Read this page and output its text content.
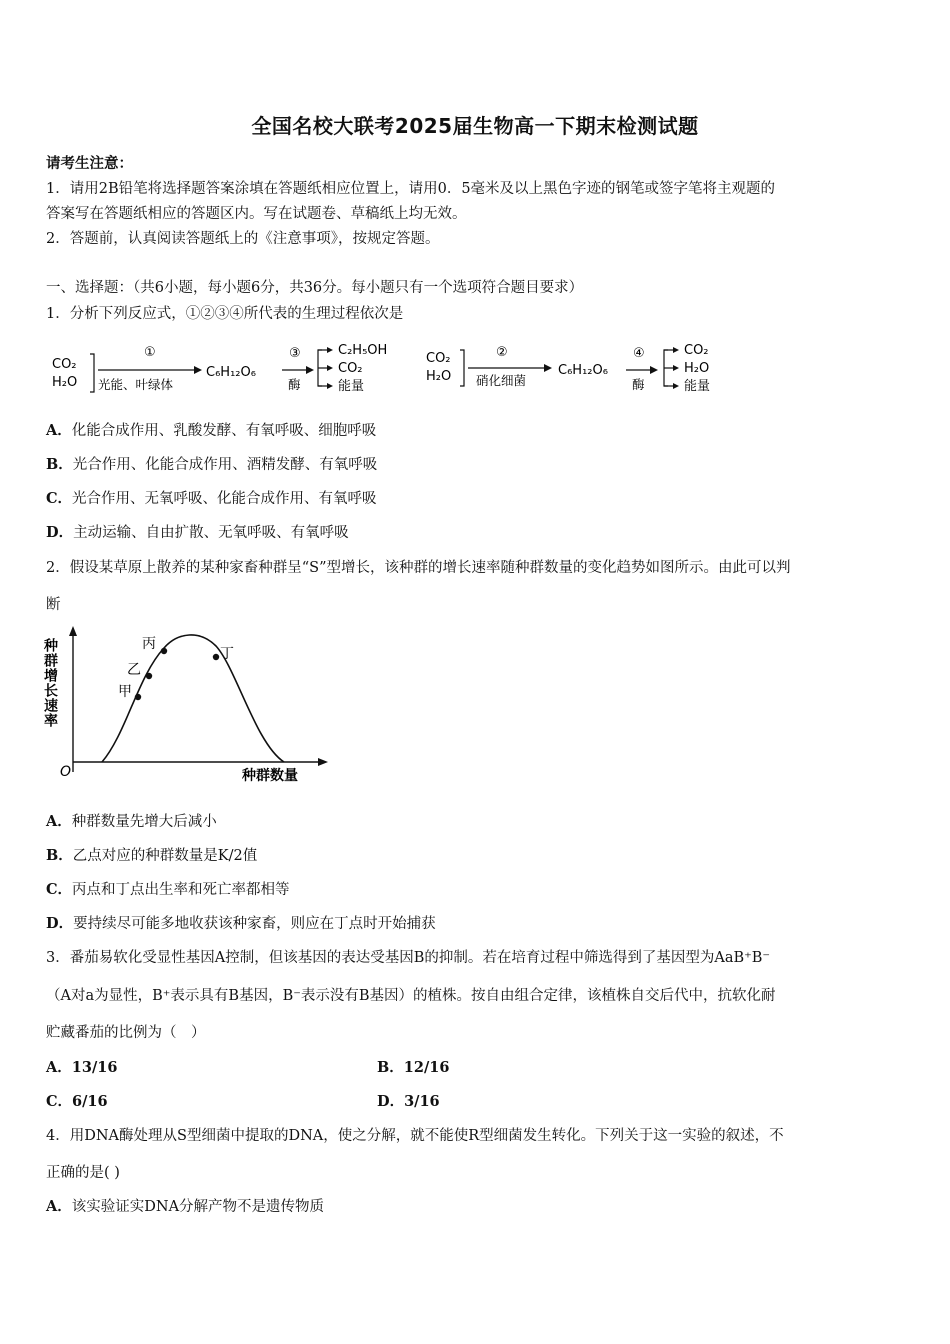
全国名校大联考2025届生物高一下期末检测试题
请考生注意：
1．请用2B铅笔将选择题答案涂填在答题纸相应位置上，请用0．5毫米及以上黑色字迹的钢笔或签字笔将主观题的
答案写在答题纸相应的答题区内。写在试题卷、草稿纸上均无效。
2．答题前，认真阅读答题纸上的《注意事项》，按规定答题。
一、选择题：（共6小题，每小题6分，共36分。每小题只有一个选项符合题目要求）
1．分析下列反应式，①②③④所代表的生理过程依次是
CO₂
H₂O
①
光能、叶绿体
C₆H₁₂O₆
③
酶
C₂H₅OH
CO₂
能量
CO₂
H₂O
②
硝化细菌
C₆H₁₂O₆
④
酶
CO₂
H₂O
能量
A．化能合成作用、乳酸发酵、有氧呼吸、细胞呼吸
B．光合作用、化能合成作用、酒精发酵、有氧呼吸
C．光合作用、无氧呼吸、化能合成作用、有氧呼吸
D．主动运输、自由扩散、无氧呼吸、有氧呼吸
2．假设某草原上散养的某种家畜种群呈“S”型增长，该种群的增长速率随种群数量的变化趋势如图所示。由此可以判
断
甲
乙
丙
丁
O	种群数量
种群增长速率
A．种群数量先增大后减小
B．乙点对应的种群数量是K/2值
C．丙点和丁点出生率和死亡率都相等
D．要持续尽可能多地收获该种家畜，则应在丁点时开始捕获
3．番茄易软化受显性基因A控制，但该基因的表达受基因B的抑制。若在培育过程中筛选得到了基因型为AaB⁺B⁻
（A对a为显性，B⁺表示具有B基因，B⁻表示没有B基因）的植株。按自由组合定律，该植株自交后代中，抗软化耐
贮藏番茄的比例为（　）
A．13/16	B．12/16
C．6/16	D．3/16
4．用DNA酶处理从S型细菌中提取的DNA，使之分解，就不能使R型细菌发生转化。下列关于这一实验的叙述，不
正确的是( )
A．该实验证实DNA分解产物不是遗传物质
